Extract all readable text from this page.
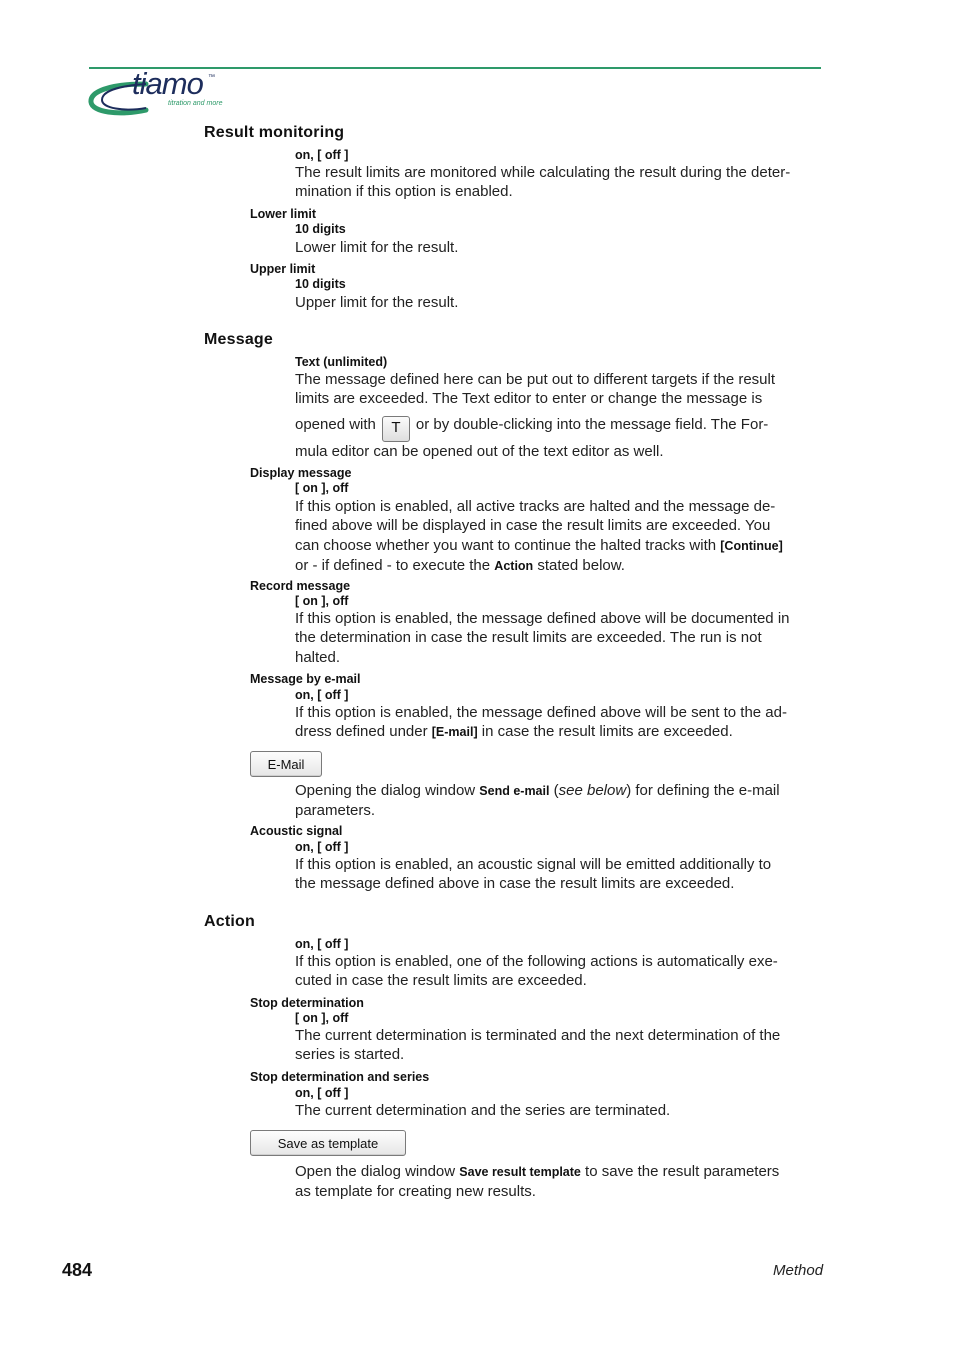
tiamo ™
titration and more
Result monitoring
on, [ off ]
The result limits are monitored while calculating the result during the deter-
mination if this option is enabled.
Lower limit
10 digits
Lower limit for the result.
Upper limit
10 digits
Upper limit for the result.
Message
Text (unlimited)
The message defined here can be put out to different targets if the result
limits are exceeded. The Text editor to enter or change the message is
opened with T or by double-clicking into the message field. The For-
mula editor can be opened out of the text editor as well.
Display message
[ on ], off
If this option is enabled, all active tracks are halted and the message de-
fined above will be displayed in case the result limits are exceeded. You
can choose whether you want to continue the halted tracks with [Continue]
or - if defined - to execute the Action stated below.
Record message
[ on ], off
If this option is enabled, the message defined above will be documented in
the determination in case the result limits are exceeded. The run is not
halted.
Message by e-mail
on, [ off ]
If this option is enabled, the message defined above will be sent to the ad-
dress defined under [E-mail] in case the result limits are exceeded.
E-Mail
Opening the dialog window Send e-mail (see below) for defining the e-mail
parameters.
Acoustic signal
on, [ off ]
If this option is enabled, an acoustic signal will be emitted additionally to
the message defined above in case the result limits are exceeded.
Action
on, [ off ]
If this option is enabled, one of the following actions is automatically exe-
cuted in case the result limits are exceeded.
Stop determination
[ on ], off
The current determination is terminated and the next determination of the
series is started.
Stop determination and series
on, [ off ]
The current determination and the series are terminated.
Save as template
Open the dialog window Save result template to save the result parameters
as template for creating new results.
484	Method
